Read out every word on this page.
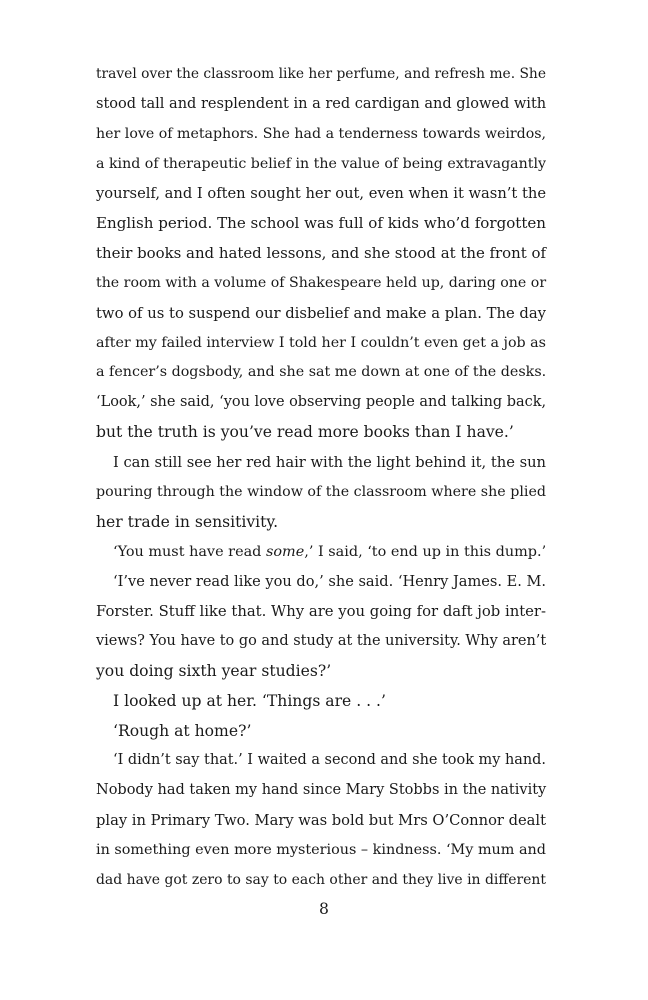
travel over the classroom like her perfume, and refresh me. She
stood tall and resplendent in a red cardigan and glowed with
her love of metaphors. She had a tenderness towards weirdos,
a kind of therapeutic belief in the value of being extravagantly
yourself, and I often sought her out, even when it wasn’t the
English period. The school was full of kids who’d forgotten
their books and hated lessons, and she stood at the front of
the room with a volume of Shakespeare held up, daring one or
two of us to suspend our disbelief and make a plan. The day
after my failed interview I told her I couldn’t even get a job as
a fencer’s dogsbody, and she sat me down at one of the desks.
‘Look,’ she said, ‘you love observing people and talking back,
but the truth is you’ve read more books than I have.’
I can still see her red hair with the light behind it, the sun
pouring through the window of the classroom where she plied
her trade in sensitivity.
‘You must have read some,’ I said, ‘to end up in this dump.’
‘I’ve never read like you do,’ she said. ‘Henry James. E. M.
Forster. Stuff like that. Why are you going for daft job inter-
views? You have to go and study at the university. Why aren’t
you doing sixth year studies?’
I looked up at her. ‘Things are . . .’
‘Rough at home?’
‘I didn’t say that.’ I waited a second and she took my hand.
Nobody had taken my hand since Mary Stobbs in the nativity
play in Primary Two. Mary was bold but Mrs O’Connor dealt
in something even more mysterious – kindness. ‘My mum and
dad have got zero to say to each other and they live in different
8
